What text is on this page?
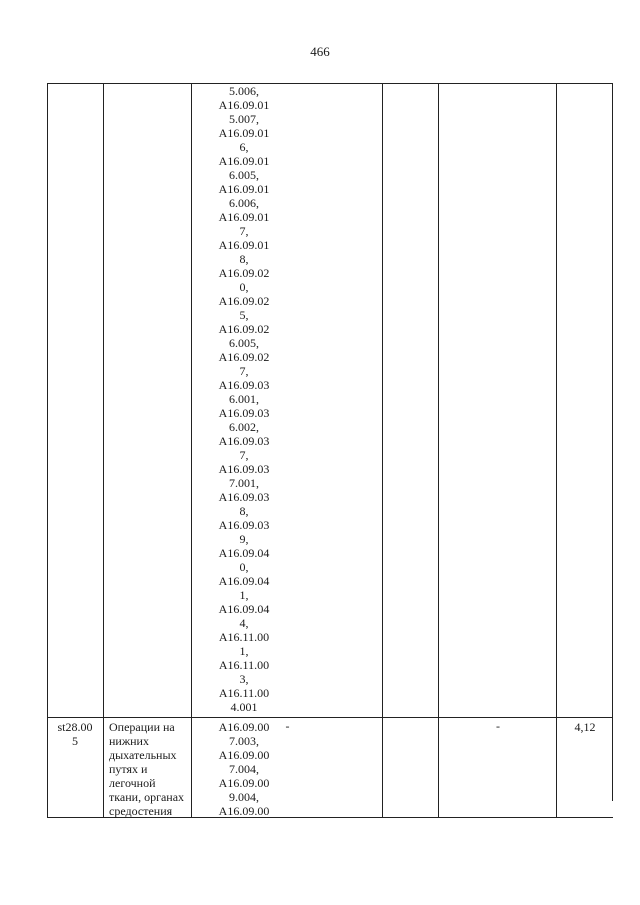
466
5.006,
A16.09.01
5.007,
A16.09.01
6,
A16.09.01
6.005,
A16.09.01
6.006,
A16.09.01
7,
A16.09.01
8,
A16.09.02
0,
A16.09.02
5,
A16.09.02
6.005,
A16.09.02
7,
A16.09.03
6.001,
A16.09.03
6.002,
A16.09.03
7,
A16.09.03
7.001,
A16.09.03
8,
A16.09.03
9,
A16.09.04
0,
A16.09.04
1,
A16.09.04
4,
A16.11.00
1,
A16.11.00
3,
A16.11.00
4.001
st28.00
5
Операции на
нижних
дыхательных
путях и
легочной
ткани, органах
средостения
-
A16.09.00
7.003,
A16.09.00
7.004,
A16.09.00
9.004,
A16.09.00
-	4,12
